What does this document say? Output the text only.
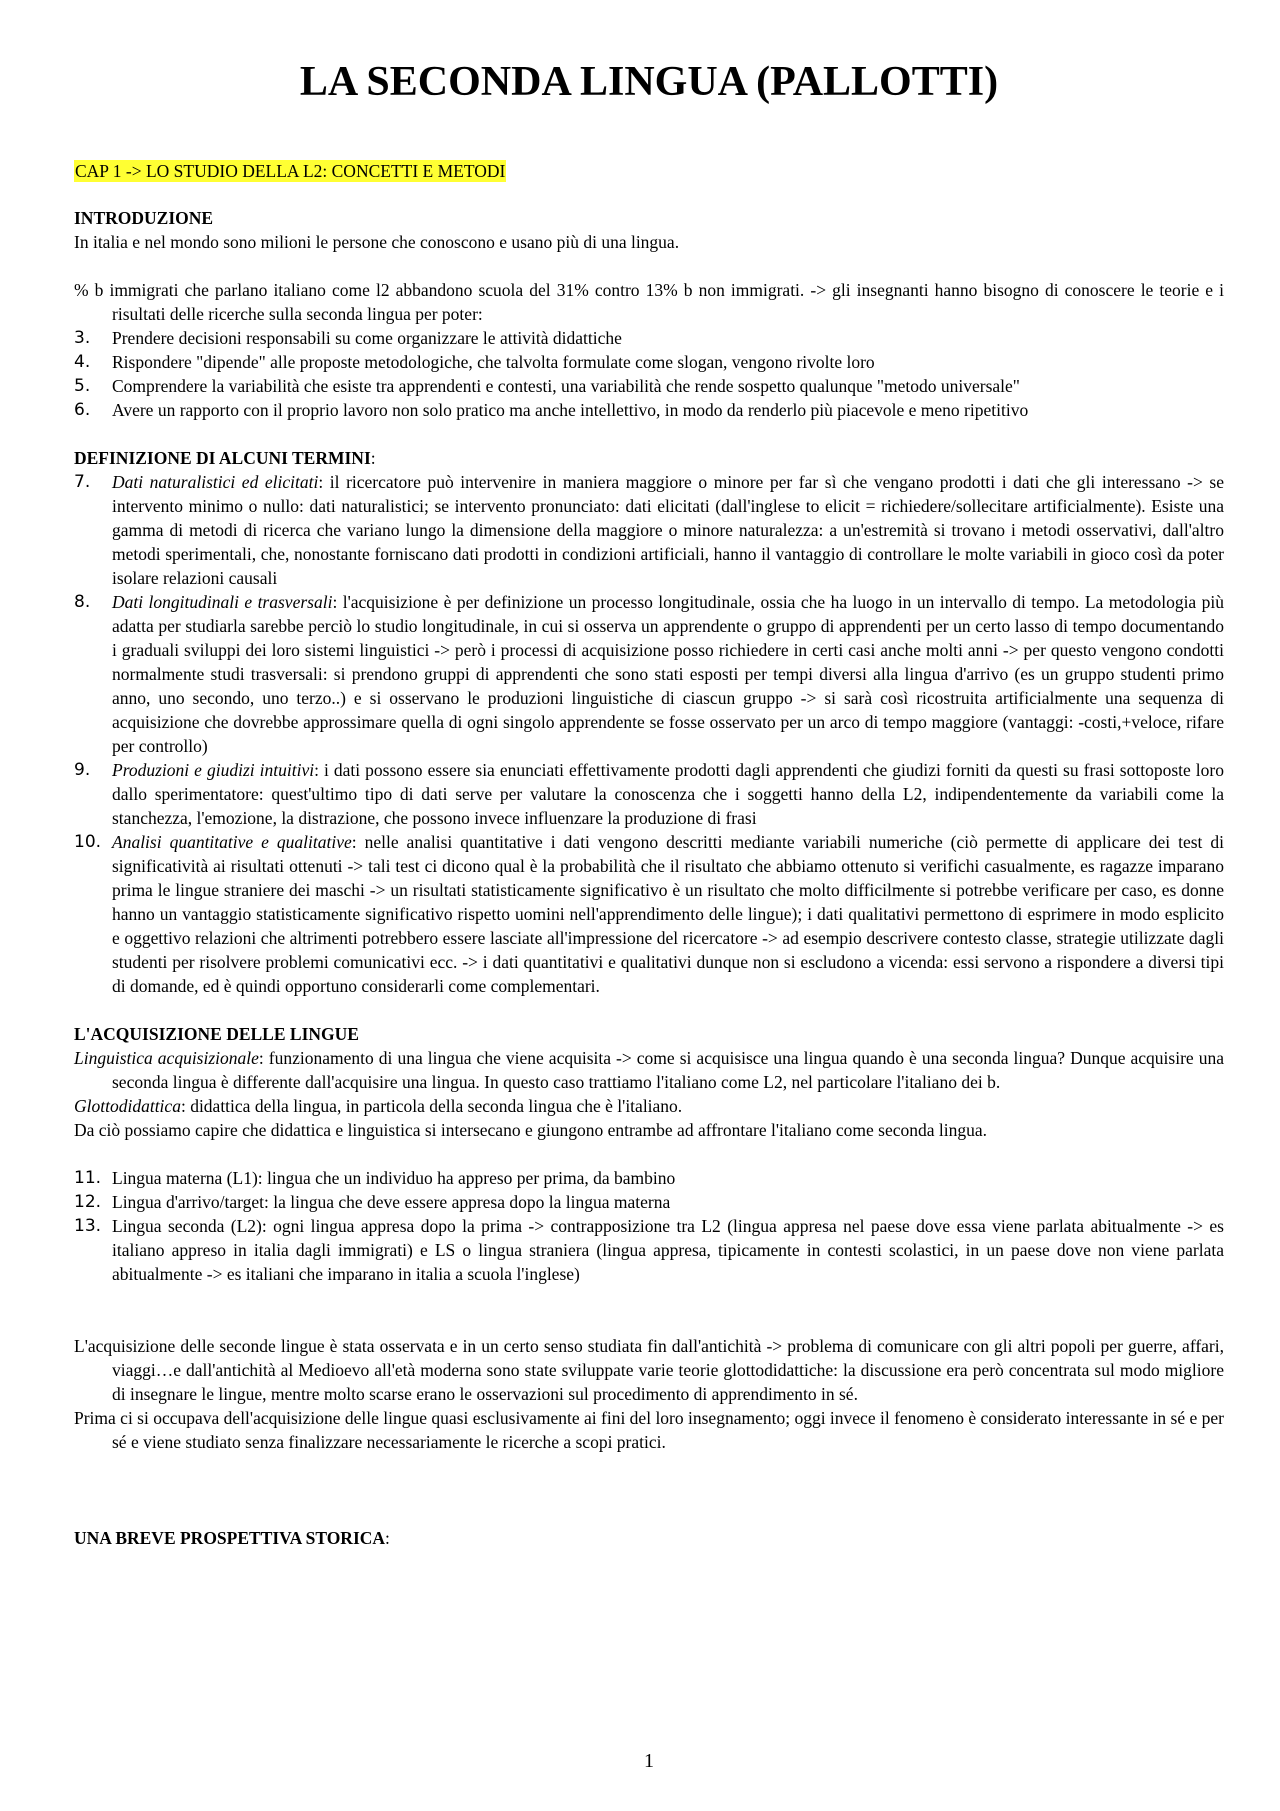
LA SECONDA LINGUA (PALLOTTI)
CAP 1 -> LO STUDIO DELLA L2: CONCETTI E METODI

INTRODUZIONE

In italia e nel mondo sono milioni le persone che conoscono e usano più di una lingua.

% b immigrati che parlano italiano come l2 abbandono scuola del 31% contro 13% b non immigrati. -> gli insegnanti hanno bisogno di conoscere le teorie e i risultati delle ricerche sulla seconda lingua per poter:

3. Prendere decisioni responsabili su come organizzare le attività didattiche
4. Rispondere "dipende" alle proposte metodologiche, che talvolta formulate come slogan, vengono rivolte loro
5. Comprendere la variabilità che esiste tra apprendenti e contesti, una variabilità che rende sospetto qualunque "metodo universale"
6. Avere un rapporto con il proprio lavoro non solo pratico ma anche intellettivo, in modo da renderlo più piacevole e meno ripetitivo

DEFINIZIONE DI ALCUNI TERMINI:

7. Dati naturalistici ed elicitati: il ricercatore può intervenire in maniera maggiore o minore per far sì che vengano prodotti i dati che gli interessano -> se intervento minimo o nullo: dati naturalistici; se intervento pronunciato: dati elicitati (dall'inglese to elicit = richiedere/sollecitare artificialmente). Esiste una gamma di metodi di ricerca che variano lungo la dimensione della maggiore o minore naturalezza: a un'estremità si trovano i metodi osservativi, dall'altro metodi sperimentali, che, nonostante forniscano dati prodotti in condizioni artificiali, hanno il vantaggio di controllare le molte variabili in gioco così da poter isolare relazioni causali
8. Dati longitudinali e trasversali: l'acquisizione è per definizione un processo longitudinale, ossia che ha luogo in un intervallo di tempo. La metodologia più adatta per studiarla sarebbe perciò lo studio longitudinale, in cui si osserva un apprendente o gruppo di apprendenti per un certo lasso di tempo documentando i graduali sviluppi dei loro sistemi linguistici -> però i processi di acquisizione posso richiedere in certi casi anche molti anni -> per questo vengono condotti normalmente studi trasversali: si prendono gruppi di apprendenti che sono stati esposti per tempi diversi alla lingua d'arrivo (es un gruppo studenti primo anno, uno secondo, uno terzo..) e si osservano le produzioni linguistiche di ciascun gruppo -> si sarà così ricostruita artificialmente una sequenza di acquisizione che dovrebbe approssimare quella di ogni singolo apprendente se fosse osservato per un arco di tempo maggiore (vantaggi: -costi,+veloce, rifare per controllo)
9. Produzioni e giudizi intuitivi: i dati possono essere sia enunciati effettivamente prodotti dagli apprendenti che giudizi forniti da questi su frasi sottoposte loro dallo sperimentatore: quest'ultimo tipo di dati serve per valutare la conoscenza che i soggetti hanno della L2, indipendentemente da variabili come la stanchezza, l'emozione, la distrazione, che possono invece influenzare la produzione di frasi
10. Analisi quantitative e qualitative: nelle analisi quantitative i dati vengono descritti mediante variabili numeriche (ciò permette di applicare dei test di significatività ai risultati ottenuti -> tali test ci dicono qual è la probabilità che il risultato che abbiamo ottenuto si verifichi casualmente, es ragazze imparano prima le lingue straniere dei maschi -> un risultati statisticamente significativo è un risultato che molto difficilmente si potrebbe verificare per caso, es donne hanno un vantaggio statisticamente significativo rispetto uomini nell'apprendimento delle lingue); i dati qualitativi permettono di esprimere in modo esplicito e oggettivo relazioni che altrimenti potrebbero essere lasciate all'impressione del ricercatore -> ad esempio descrivere contesto classe, strategie utilizzate dagli studenti per risolvere problemi comunicativi ecc. -> i dati quantitativi e qualitativi dunque non si escludono a vicenda: essi servono a rispondere a diversi tipi di domande, ed è quindi opportuno considerarli come complementari.

L'ACQUISIZIONE DELLE LINGUE

Linguistica acquisizionale: funzionamento di una lingua che viene acquisita -> come si acquisisce una lingua quando è una seconda lingua? Dunque acquisire una seconda lingua è differente dall'acquisire una lingua. In questo caso trattiamo l'italiano come L2, nel particolare l'italiano dei b.

Glottodidattica: didattica della lingua, in particola della seconda lingua che è l'italiano.

Da ciò possiamo capire che didattica e linguistica si intersecano e giungono entrambe ad affrontare l'italiano come seconda lingua.

11. Lingua materna (L1): lingua che un individuo ha appreso per prima, da bambino
12. Lingua d'arrivo/target: la lingua che deve essere appresa dopo la lingua materna
13. Lingua seconda (L2): ogni lingua appresa dopo la prima -> contrapposizione tra L2 (lingua appresa nel paese dove essa viene parlata abitualmente -> es italiano appreso in italia dagli immigrati) e LS o lingua straniera (lingua appresa, tipicamente in contesti scolastici, in un paese dove non viene parlata abitualmente -> es italiani che imparano in italia a scuola l'inglese)

L'acquisizione delle seconde lingue è stata osservata e in un certo senso studiata fin dall'antichità -> problema di comunicare con gli altri popoli per guerre, affari, viaggi…e dall'antichità al Medioevo all'età moderna sono state sviluppate varie teorie glottodidattiche: la discussione era però concentrata sul modo migliore di insegnare le lingue, mentre molto scarse erano le osservazioni sul procedimento di apprendimento in sé.

Prima ci si occupava dell'acquisizione delle lingue quasi esclusivamente ai fini del loro insegnamento; oggi invece il fenomeno è considerato interessante in sé e per sé e viene studiato senza finalizzare necessariamente le ricerche a scopi pratici.

UNA BREVE PROSPETTIVA STORICA:

1
